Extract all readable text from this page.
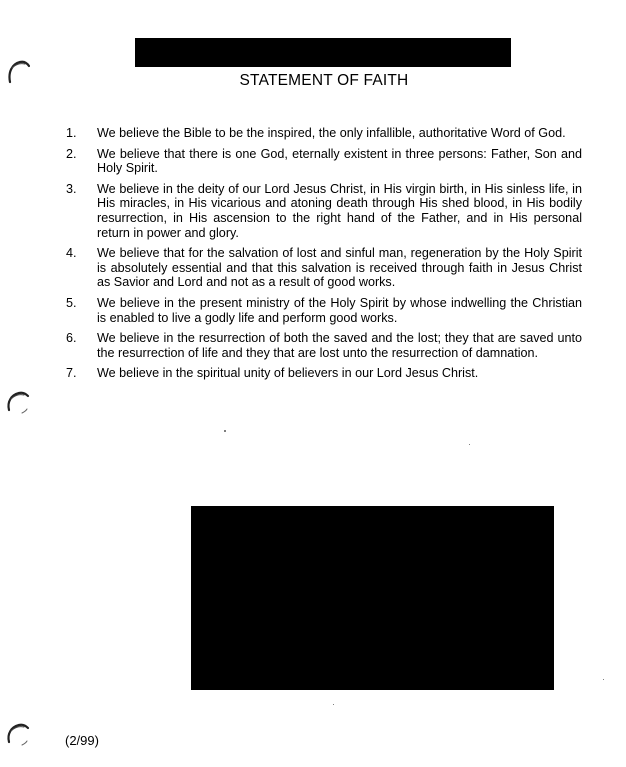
STATEMENT OF FAITH
1. We believe the Bible to be the inspired, the only infallible, authoritative Word of God.
2. We believe that there is one God, eternally existent in three persons: Father, Son and Holy Spirit.
3. We believe in the deity of our Lord Jesus Christ, in His virgin birth, in His sinless life, in His miracles, in His vicarious and atoning death through His shed blood, in His bodily resurrection, in His ascension to the right hand of the Father, and in His personal return in power and glory.
4. We believe that for the salvation of lost and sinful man, regeneration by the Holy Spirit is absolutely essential and that this salvation is received through faith in Jesus Christ as Savior and Lord and not as a result of good works.
5. We believe in the present ministry of the Holy Spirit by whose indwelling the Christian is enabled to live a godly life and perform good works.
6. We believe in the resurrection of both the saved and the lost; they that are saved unto the resurrection of life and they that are lost unto the resurrection of damnation.
7. We believe in the spiritual unity of believers in our Lord Jesus Christ.
(2/99)
